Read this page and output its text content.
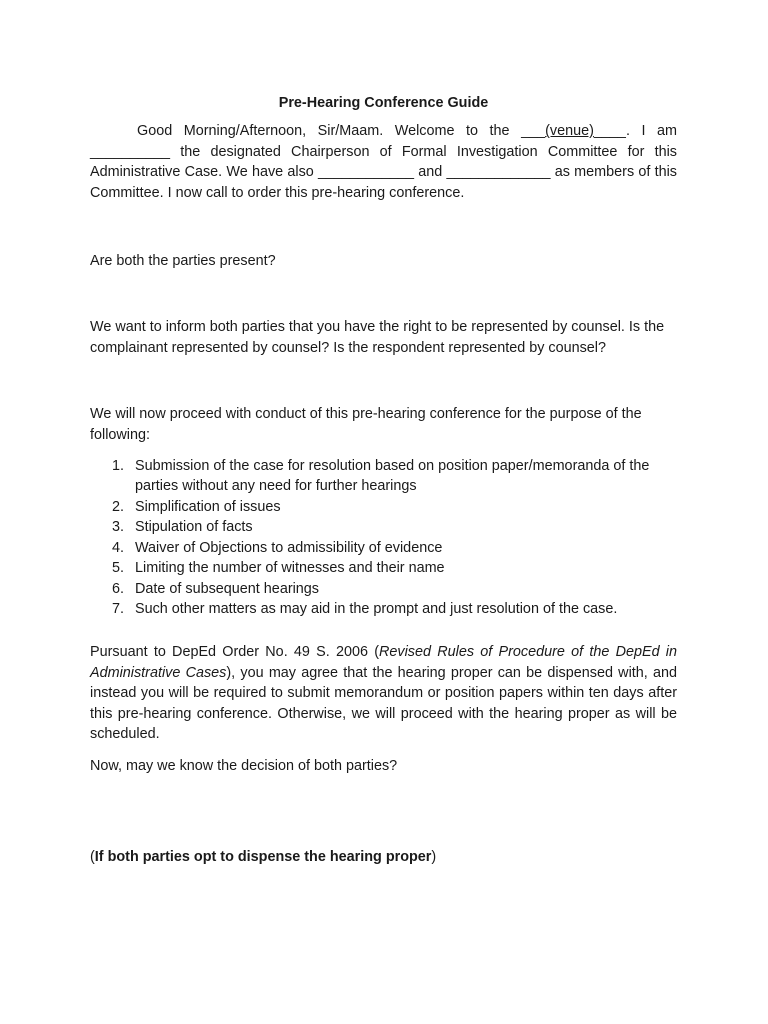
Pre-Hearing Conference Guide

Good Morning/Afternoon, Sir/Maam. Welcome to the ___(venue)____. I am __________ the designated Chairperson of Formal Investigation Committee for this Administrative Case. We have also ____________ and _____________ as members of this Committee. I now call to order this pre-hearing conference.

Are both the parties present?

We want to inform both parties that you have the right to be represented by counsel. Is the complainant represented by counsel? Is the respondent represented by counsel?

We will now proceed with conduct of this pre-hearing conference for the purpose of the following:

1. Submission of the case for resolution based on position paper/memoranda of the parties without any need for further hearings
2. Simplification of issues
3. Stipulation of facts
4. Waiver of Objections to admissibility of evidence
5. Limiting the number of witnesses and their name
6. Date of subsequent hearings
7. Such other matters as may aid in the prompt and just resolution of the case.

Pursuant to DepEd Order No. 49 S. 2006 (Revised Rules of Procedure of the DepEd in Administrative Cases), you may agree that the hearing proper can be dispensed with, and instead you will be required to submit memorandum or position papers within ten days after this pre-hearing conference. Otherwise, we will proceed with the hearing proper as will be scheduled.

Now, may we know the decision of both parties?

(If both parties opt to dispense the hearing proper)
